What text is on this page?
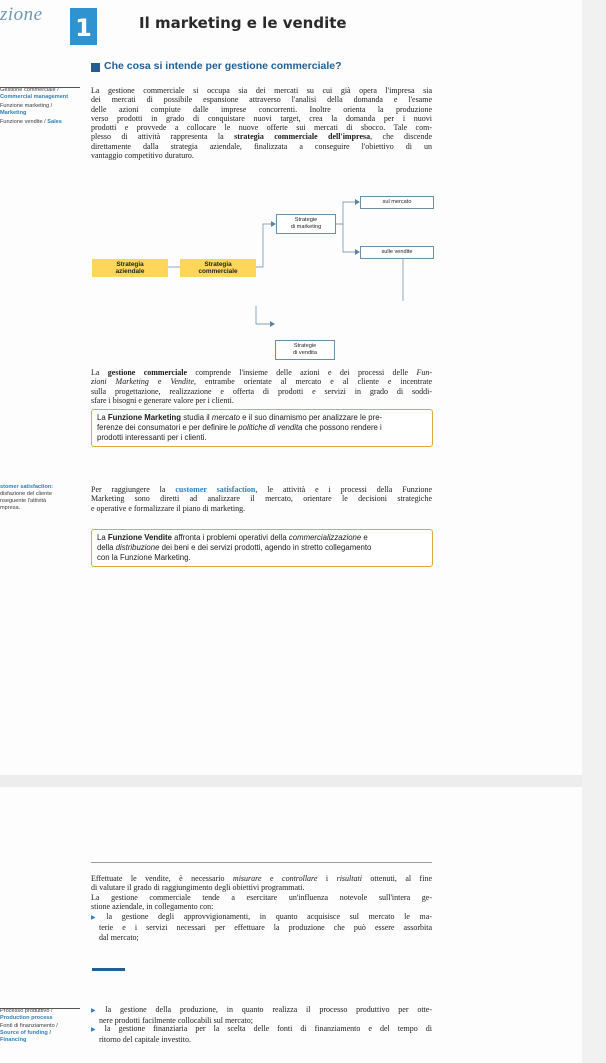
zione 1	Il marketing e le vendite
Che cosa si intende per gestione commerciale?
Gestione commerciale /
Commercial management
Funzione marketing /
Marketing
Funzione vendite / Sales
La gestione commerciale si occupa sia dei mercati su cui già opera l'impresa sia
dei mercati di possibile espansione attraverso l'analisi della domanda e l'esame
delle azioni compiute dalle imprese concorrenti. Inoltre orienta la produzione
verso prodotti in grado di conquistare nuovi target, crea la domanda per i nuovi
prodotti e provvede a collocare le nuove offerte sui mercati di sbocco. Tale com-
plesso di attività rappresenta la strategia commerciale dell'impresa, che discende
direttamente dalla strategia aziendale, finalizzata a conseguire l'obiettivo di un
vantaggio competitivo duraturo.
Strategia
aziendale
Strategia
commerciale
Strategie
di marketing
sul mercato
sulle vendite
Strategie
di vendita
La gestione commerciale comprende l'insieme delle azioni e dei processi delle Fun-
zioni Marketing e Vendite, entrambe orientate al mercato e al cliente e incentrate
sulla progettazione, realizzazione e offerta di prodotti e servizi in grado di soddi-
sfare i bisogni e generare valore per i clienti.
La Funzione Marketing studia il mercato e il suo dinamismo per analizzare le pre-
ferenze dei consumatori e per definire le politiche di vendita che possono rendere i
prodotti interessanti per i clienti.
stomer satisfaction:
disfazione del cliente
nseguente l'attività
mpresa.
Per raggiungere la customer satisfaction, le attività e i processi della Funzione
Marketing sono diretti ad analizzare il mercato, orientare le decisioni strategiche
e operative e formalizzare il piano di marketing.
La Funzione Vendite affronta i problemi operativi della commercializzazione e
della distribuzione dei beni e dei servizi prodotti, agendo in stretto collegamento
con la Funzione Marketing.
Effettuate le vendite, è necessario misurare e controllare i risultati ottenuti, al fine
di valutare il grado di raggiungimento degli obiettivi programmati.
La gestione commerciale tende a esercitare un'influenza notevole sull'intera ge-
stione aziendale, in collegamento con:
▶ la gestione degli approvvigionamenti, in quanto acquisisce sul mercato le ma-
terie e i servizi necessari per effettuare la produzione che può essere assorbita
dal mercato;
Processo produttivo /
Production process
Fonti di finanziamento /
Source of funding /
Financing
▶ la gestione della produzione, in quanto realizza il processo produttivo per otte-
nere prodotti facilmente collocabili sul mercato;
▶ la gestione finanziaria per la scelta delle fonti di finanziamento e del tempo di
ritorno del capitale investito.
